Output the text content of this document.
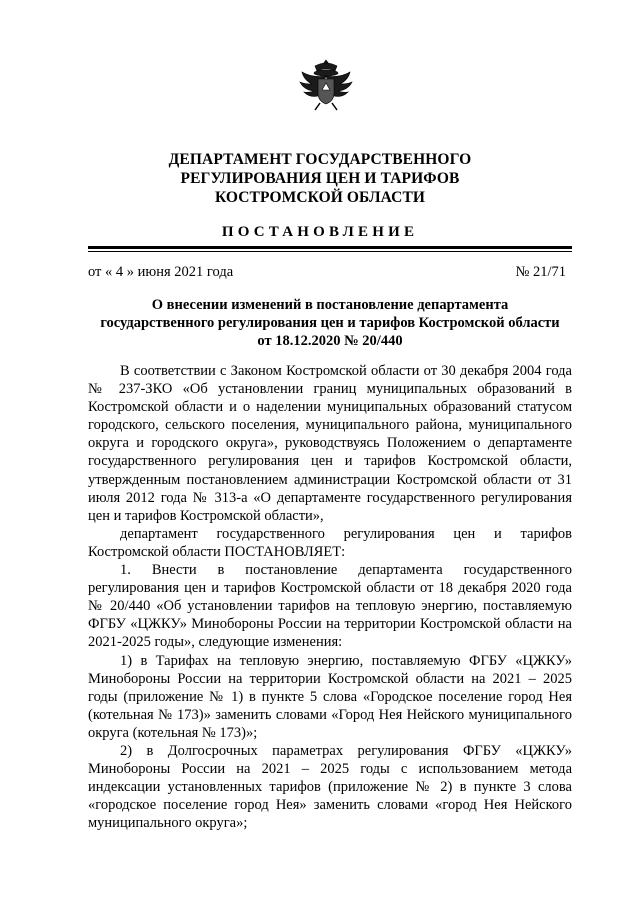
ДЕПАРТАМЕНТ ГОСУДАРСТВЕННОГО
РЕГУЛИРОВАНИЯ ЦЕН И ТАРИФОВ
КОСТРОМСКОЙ ОБЛАСТИ
ПОСТАНОВЛЕНИЕ
от « 4 » июня 2021 года	№ 21/71
О внесении изменений в постановление департамента
государственного регулирования цен и тарифов Костромской области
от 18.12.2020 № 20/440

В соответствии с Законом Костромской области от 30 декабря 2004 года № 237-ЗКО «Об установлении границ муниципальных образований в Костромской области и о наделении муниципальных образований статусом городского, сельского поселения, муниципального района, муниципального округа и городского округа», руководствуясь Положением о департаменте государственного регулирования цен и тарифов Костромской области, утвержденным постановлением администрации Костромской области от 31 июля 2012 года № 313-а «О департаменте государственного регулирования цен и тарифов Костромской области»,

департамент государственного регулирования цен и тарифов Костромской области ПОСТАНОВЛЯЕТ:

1. Внести в постановление департамента государственного регулирования цен и тарифов Костромской области от 18 декабря 2020 года № 20/440 «Об установлении тарифов на тепловую энергию, поставляемую ФГБУ «ЦЖКУ» Минобороны России на территории Костромской области на 2021-2025 годы», следующие изменения:

1) в Тарифах на тепловую энергию, поставляемую ФГБУ «ЦЖКУ» Минобороны России на территории Костромской области на 2021 – 2025 годы (приложение № 1) в пункте 5 слова «Городское поселение город Нея (котельная № 173)» заменить словами «Город Нея Нейского муниципального округа (котельная № 173)»;

2) в Долгосрочных параметрах регулирования ФГБУ «ЦЖКУ» Минобороны России на 2021 – 2025 годы с использованием метода индексации установленных тарифов (приложение № 2) в пункте 3 слова «городское поселение город Нея» заменить словами «город Нея Нейского муниципального округа»;
